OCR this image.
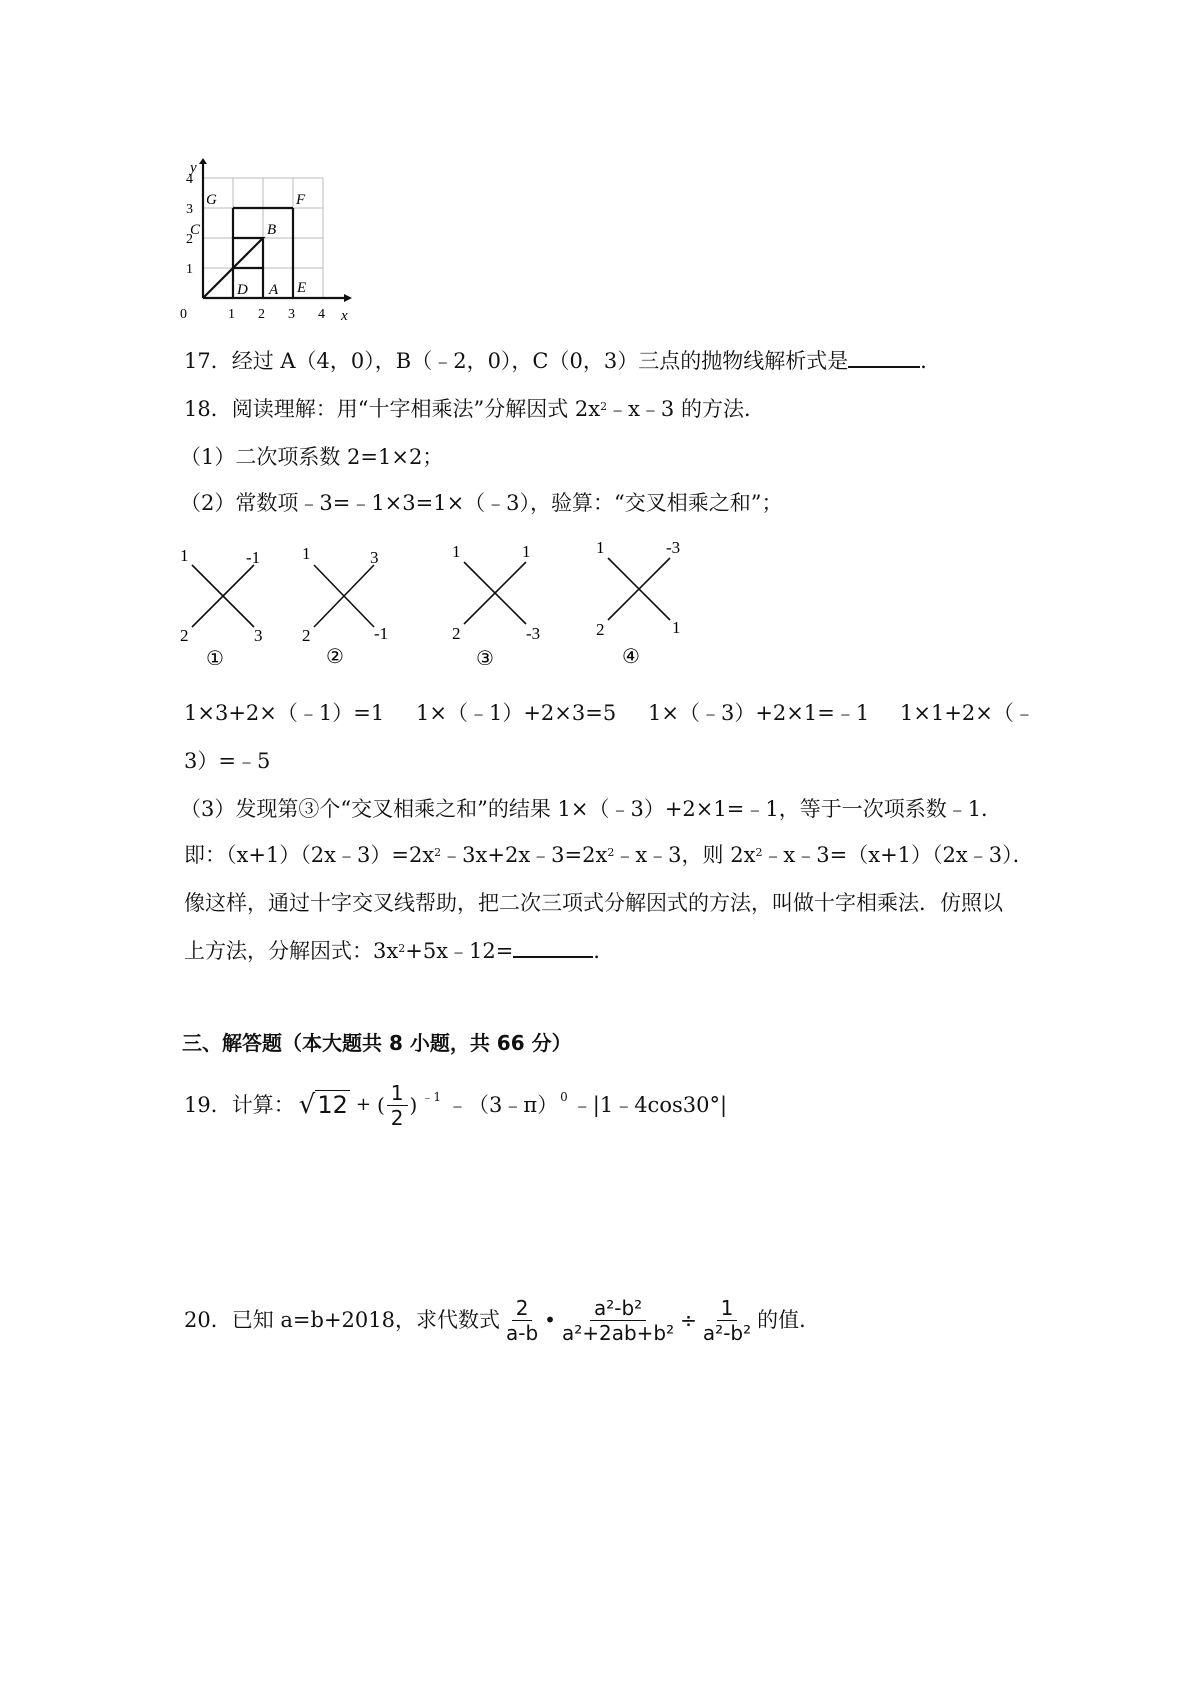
y
x
1
2
3
4
0	1 2 3 4
G	F
C	B
D A E
17．经过 A（4，0），B（﹣2，0），C（0，3）三点的抛物线解析式是	．
18．阅读理解：用“十字相乘法”分解因式 $2x^2﹣x﹣3$ 的方法．
（1）二次项系数 2=1×2；
（2）常数项﹣3=﹣1×3=1×（﹣3），验算：“交叉相乘之和”；
1	-1
2	3
①
1	3
2	-1
②
1	1
2	-3
③
1	-3
2	1
④
1×3+2×（﹣1）=1 1×（﹣1）+2×3=5 1×（﹣3）+2×1=﹣1 1×1+2×（﹣
3）=﹣5
（3）发现第③个“交叉相乘之和”的结果 1×（﹣3）+2×1=﹣1，等于一次项系数﹣1．
即：$(x+1)(2x﹣3)=2x^2﹣3x+2x﹣3=2x^2﹣x﹣3$，则 $2x^2﹣x﹣3=(x+1)(2x﹣3)$．
像这样，通过十字交叉线帮助，把二次三项式分解因式的方法，叫做十字相乘法．仿照以
上方法，分解因式：$3x^2+5x﹣12=$	．
三、解答题（本大题共 8 小题，共 66 分）
19．计算： √12 + ( $\frac{1}{2}$ ) $^{﹣1}$ ﹣（3﹣π）$^0$ ﹣|1﹣4cos30°|
20．已知 a=b+2018，求代数式 $\frac{2}{a-b}$ • $\frac{\text{a²-b²}}{\text{a²+2ab+b²}} \div \frac{1}{\text{a²-b²}}$ 的值．
